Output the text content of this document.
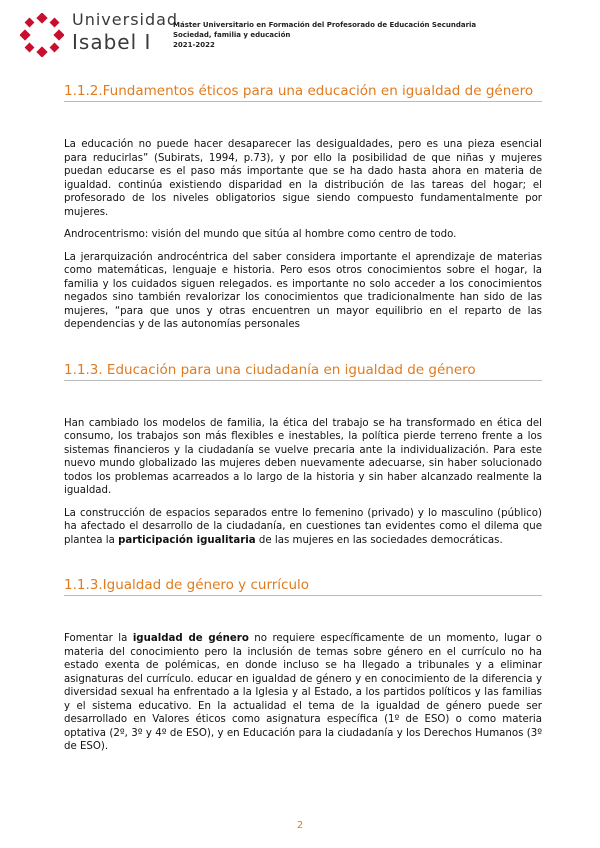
Universidad
Isabel I
Máster Universitario en Formación del Profesorado de Educación Secundaria
Sociedad, familia y educación
2021-2022
1.1.2.Fundamentos éticos para una educación en igualdad de género

La educación no puede hacer desaparecer las desigualdades, pero es una pieza esencial para reducirlas” (Subirats, 1994, p.73), y por ello la posibilidad de que niñas y mujeres puedan educarse es el paso más importante que se ha dado hasta ahora en materia de igualdad. continúa existiendo disparidad en la distribución de las tareas del hogar; el profesorado de los niveles obligatorios sigue siendo compuesto fundamentalmente por mujeres.

Androcentrismo: visión del mundo que sitúa al hombre como centro de todo.

La jerarquización androcéntrica del saber considera importante el aprendizaje de materias como matemáticas, lenguaje e historia. Pero esos otros conocimientos sobre el hogar, la familia y los cuidados siguen relegados. es importante no solo acceder a los conocimientos negados sino también revalorizar los conocimientos que tradicionalmente han sido de las mujeres, “para que unos y otras encuentren un mayor equilibrio en el reparto de las dependencias y de las autonomías personales

1.1.3. Educación para una ciudadanía en igualdad de género

Han cambiado los modelos de familia, la ética del trabajo se ha transformado en ética del consumo, los trabajos son más flexibles e inestables, la política pierde terreno frente a los sistemas financieros y la ciudadanía se vuelve precaria ante la individualización. Para este nuevo mundo globalizado las mujeres deben nuevamente adecuarse, sin haber solucionado todos los problemas acarreados a lo largo de la historia y sin haber alcanzado realmente la igualdad.

La construcción de espacios separados entre lo femenino (privado) y lo masculino (público) ha afectado el desarrollo de la ciudadanía, en cuestiones tan evidentes como el dilema que plantea la participación igualitaria de las mujeres en las sociedades democráticas.

1.1.3.Igualdad de género y currículo

Fomentar la igualdad de género no requiere específicamente de un momento, lugar o materia del conocimiento pero la inclusión de temas sobre género en el currículo no ha estado exenta de polémicas, en donde incluso se ha llegado a tribunales y a eliminar asignaturas del currículo. educar en igualdad de género y en conocimiento de la diferencia y diversidad sexual ha enfrentado a la Iglesia y al Estado, a los partidos políticos y las familias y el sistema educativo. En la actualidad el tema de la igualdad de género puede ser desarrollado en Valores éticos como asignatura específica (1º de ESO) o como materia optativa (2º, 3º y 4º de ESO), y en Educación para la ciudadanía y los Derechos Humanos (3º de ESO).

2
